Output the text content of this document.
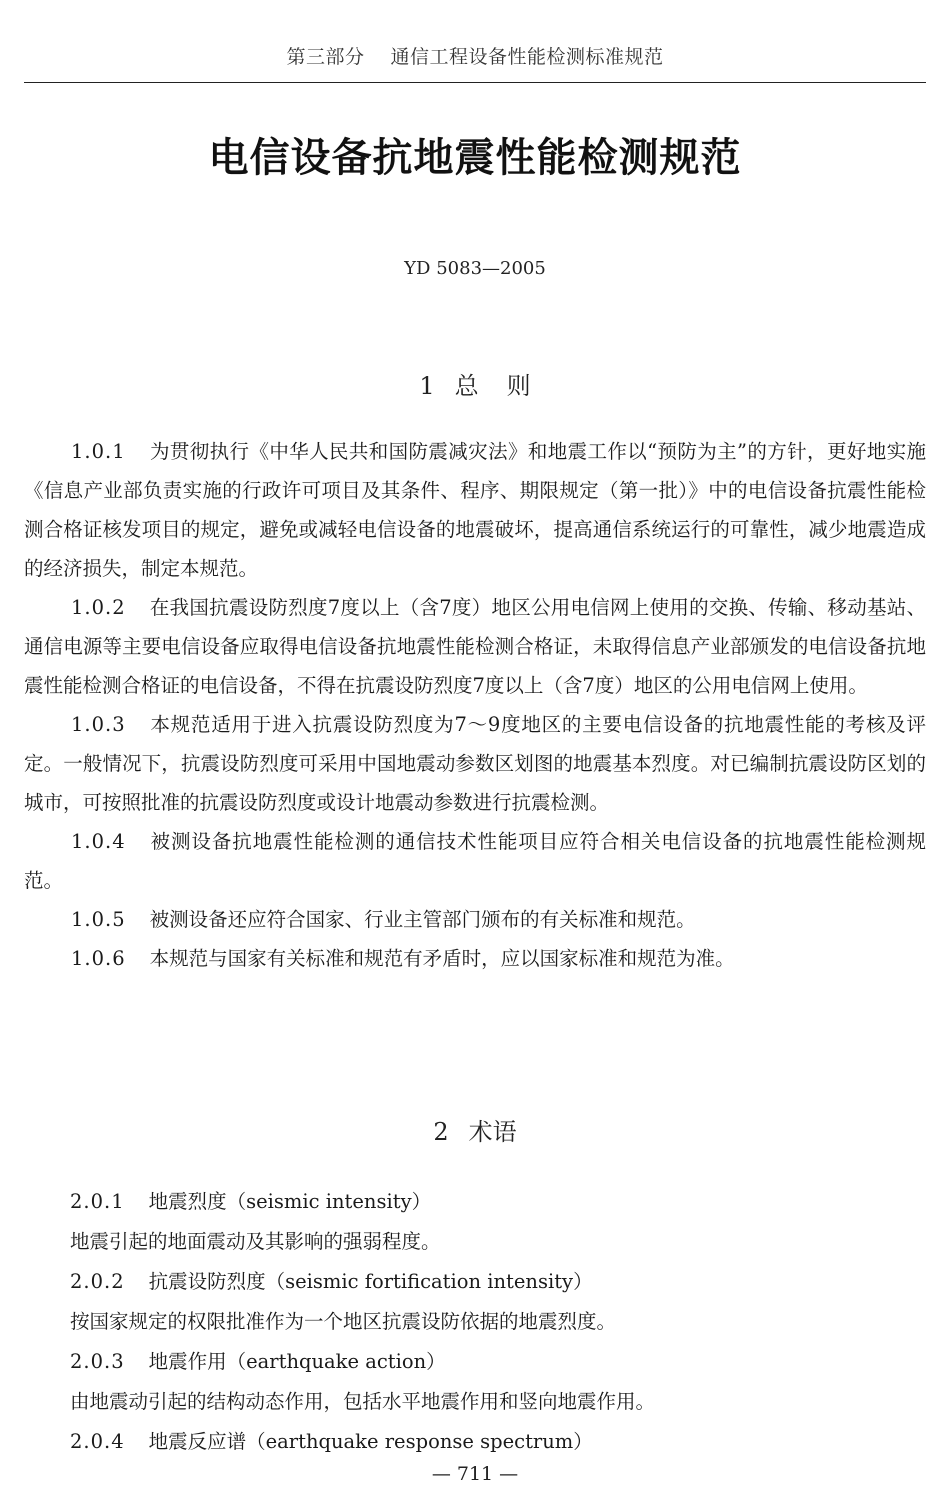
第三部分 通信工程设备性能检测标准规范
电信设备抗地震性能检测规范
YD 5083—2005
1 总则

1.0.1 为贯彻执行《中华人民共和国防震减灾法》和地震工作以“预防为主”的方针，更好地实施《信息产业部负责实施的行政许可项目及其条件、程序、期限规定（第一批）》中的电信设备抗震性能检测合格证核发项目的规定，避免或减轻电信设备的地震破坏，提高通信系统运行的可靠性，减少地震造成的经济损失，制定本规范。

1.0.2 在我国抗震设防烈度7度以上（含7度）地区公用电信网上使用的交换、传输、移动基站、通信电源等主要电信设备应取得电信设备抗地震性能检测合格证，未取得信息产业部颁发的电信设备抗地震性能检测合格证的电信设备，不得在抗震设防烈度7度以上（含7度）地区的公用电信网上使用。

1.0.3 本规范适用于进入抗震设防烈度为7～9度地区的主要电信设备的抗地震性能的考核及评定。一般情况下，抗震设防烈度可采用中国地震动参数区划图的地震基本烈度。对已编制抗震设防区划的城市，可按照批准的抗震设防烈度或设计地震动参数进行抗震检测。

1.0.4 被测设备抗地震性能检测的通信技术性能项目应符合相关电信设备的抗地震性能检测规范。

1.0.5 被测设备还应符合国家、行业主管部门颁布的有关标准和规范。

1.0.6 本规范与国家有关标准和规范有矛盾时，应以国家标准和规范为准。

2 术语

2.0.1 地震烈度（seismic intensity）

地震引起的地面震动及其影响的强弱程度。

2.0.2 抗震设防烈度（seismic fortification intensity）

按国家规定的权限批准作为一个地区抗震设防依据的地震烈度。

2.0.3 地震作用（earthquake action）

由地震动引起的结构动态作用，包括水平地震作用和竖向地震作用。

2.0.4 地震反应谱（earthquake response spectrum）

— 711 —
